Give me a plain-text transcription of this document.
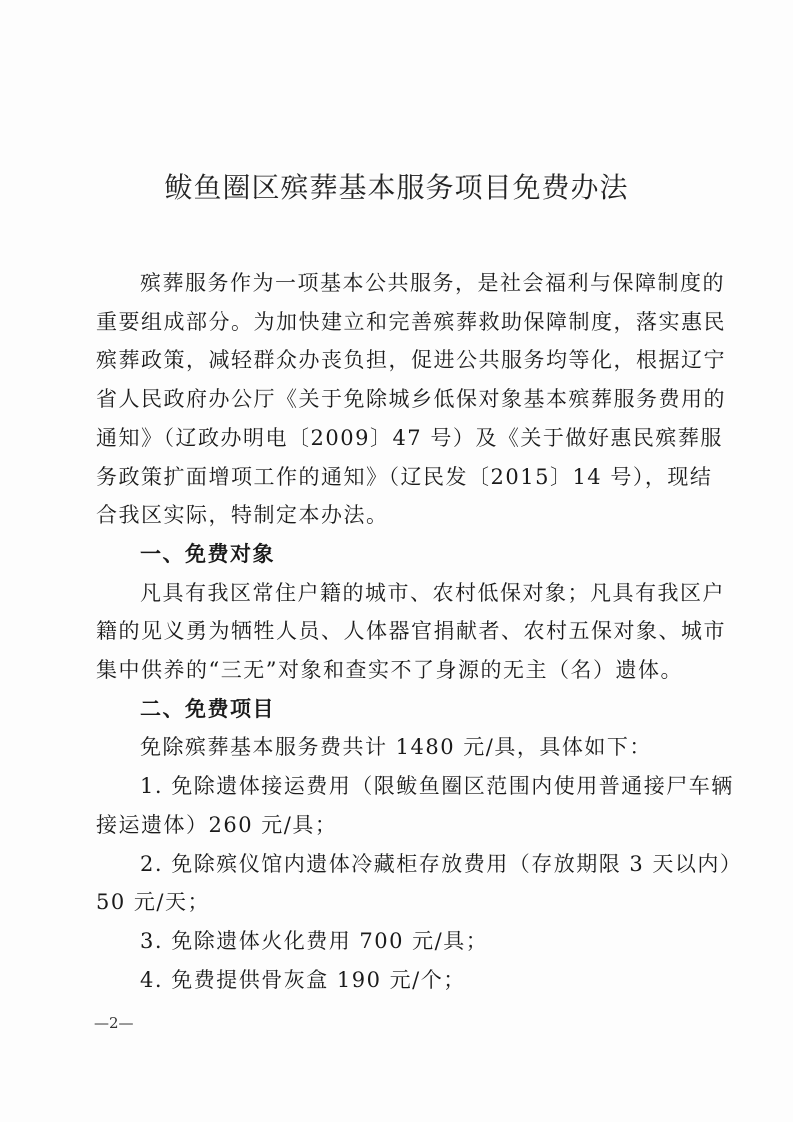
鲅鱼圈区殡葬基本服务项目免费办法
殡葬服务作为一项基本公共服务，是社会福利与保障制度的
重要组成部分。为加快建立和完善殡葬救助保障制度，落实惠民
殡葬政策，减轻群众办丧负担，促进公共服务均等化，根据辽宁
省人民政府办公厅《关于免除城乡低保对象基本殡葬服务费用的
通知》（辽政办明电〔2009〕47 号）及《关于做好惠民殡葬服
务政策扩面增项工作的通知》（辽民发〔2015〕14 号），现结
合我区实际，特制定本办法。
一、免费对象
凡具有我区常住户籍的城市、农村低保对象；凡具有我区户
籍的见义勇为牺牲人员、人体器官捐献者、农村五保对象、城市
集中供养的“三无”对象和查实不了身源的无主（名）遗体。
二、免费项目
免除殡葬基本服务费共计 1480 元/具，具体如下：
1. 免除遗体接运费用（限鲅鱼圈区范围内使用普通接尸车辆
接运遗体）260 元/具；
2. 免除殡仪馆内遗体冷藏柜存放费用（存放期限 3 天以内）
50 元/天；
3. 免除遗体火化费用 700 元/具；
4. 免费提供骨灰盒 190 元/个；
—2—
